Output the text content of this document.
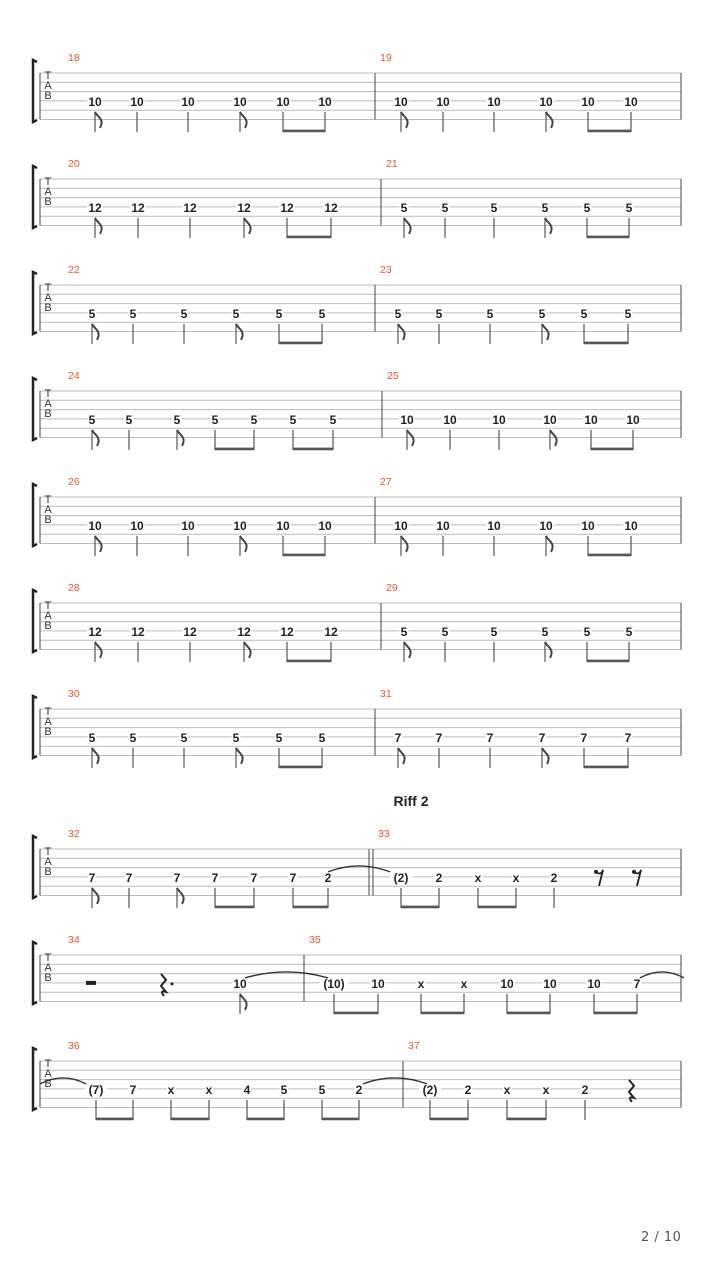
T
A
B
18
10 10	10	10 10 10
19
10 10	10	10 10 10
T
A
B
20
12 12	12	12 12	12
21
5	5	5	5	5	5
T
A
B
22
5	5	5	5	5	5
23
5	5	5	5	5	5
T
A
B
24
5	5	5	5	5	5	5
25
10 10	10	10 10 10
T
A
B
26
10 10	10	10 10 10
27
10 10	10	10 10 10
T
A
B
28
12 12	12	12 12	12
29
5	5	5	5	5	5
T
A
B
30
5	5	5	5	5	5
31
7	7	7	7	7	7
T
A
B
Riff 2
32
7	7	7	7	7	7 2
33
(2) 2	x	x	2
T
A
B
34
10
35
(10) 10	x	x	10 10	10	7
T
A
B
36
(7) 7	x	x	4	5	5	2
37
(2) 2	x	x	2
2 / 10
